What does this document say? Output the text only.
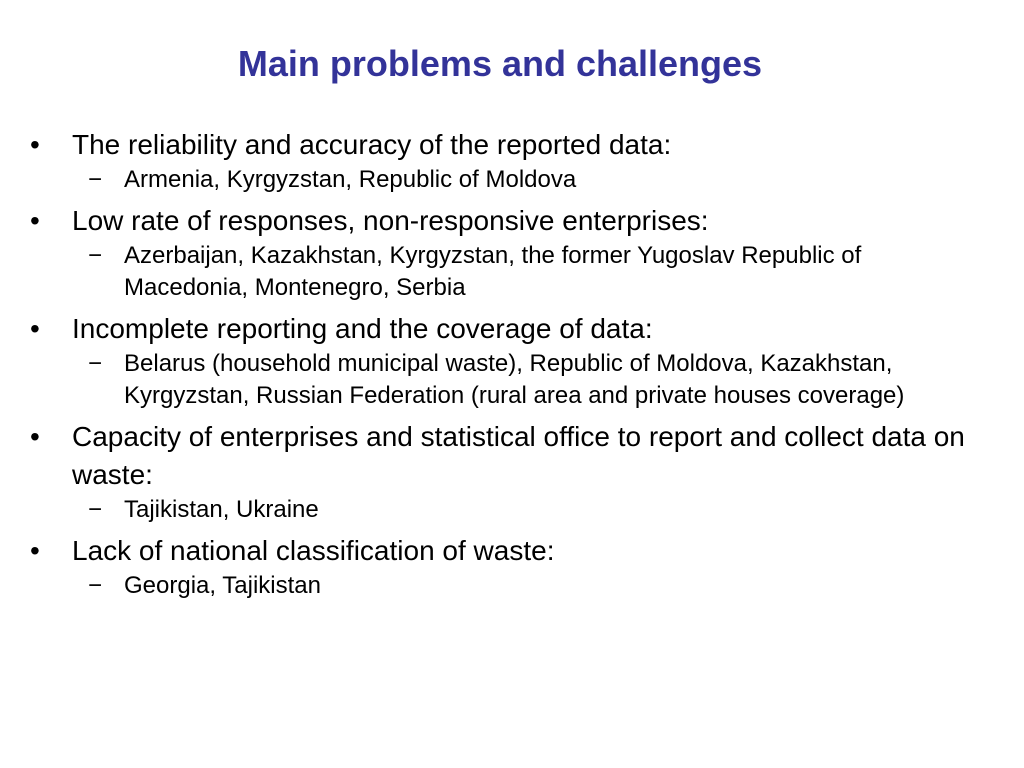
Main problems and challenges
•	The reliability and accuracy of the reported data:
− Armenia, Kyrgyzstan, Republic of Moldova
•	Low rate of responses, non-responsive enterprises:
− Azerbaijan, Kazakhstan, Kyrgyzstan, the former Yugoslav Republic of Macedonia, Montenegro, Serbia
•	Incomplete reporting and the coverage of data:
− Belarus (household municipal waste), Republic of Moldova, Kazakhstan, Kyrgyzstan, Russian Federation (rural area and private houses coverage)
•	Capacity of enterprises and statistical office to report and collect data on waste:
− Tajikistan, Ukraine
•	Lack of national classification of waste:
− Georgia, Tajikistan
